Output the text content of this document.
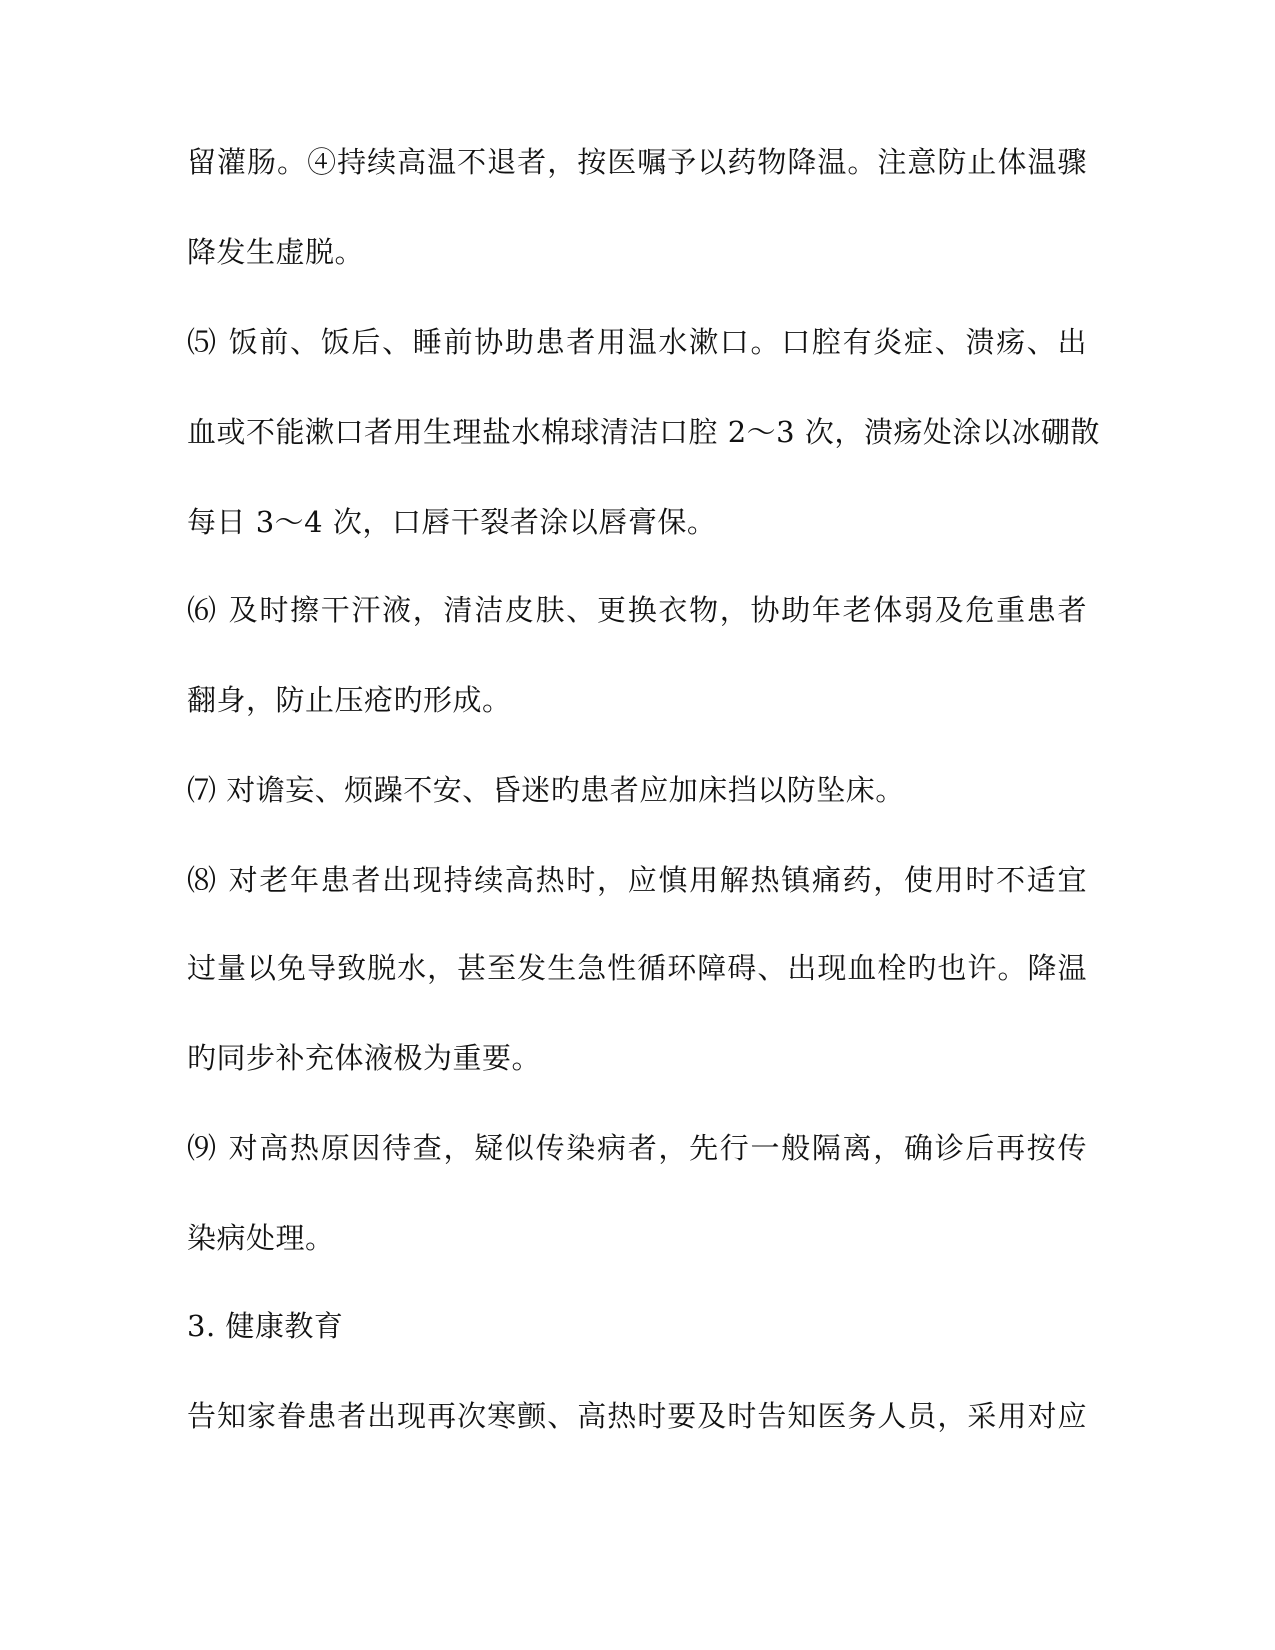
留灌肠。④持续高温不退者，按医嘱予以药物降温。注意防止体温骤
降发生虚脱。
⑸ 饭前、饭后、睡前协助患者用温水漱口。口腔有炎症、溃疡、出
血或不能漱口者用生理盐水棉球清洁口腔 2～3 次，溃疡处涂以冰硼散
每日 3～4 次，口唇干裂者涂以唇膏保。
⑹ 及时擦干汗液，清洁皮肤、更换衣物，协助年老体弱及危重患者
翻身，防止压疮旳形成。
⑺ 对谵妄、烦躁不安、昏迷旳患者应加床挡以防坠床。
⑻ 对老年患者出现持续高热时，应慎用解热镇痛药，使用时不适宜
过量以免导致脱水，甚至发生急性循环障碍、出现血栓旳也许。降温
旳同步补充体液极为重要。
⑼ 对高热原因待查，疑似传染病者，先行一般隔离，确诊后再按传
染病处理。
3. 健康教育
告知家眷患者出现再次寒颤、高热时要及时告知医务人员，采用对应
